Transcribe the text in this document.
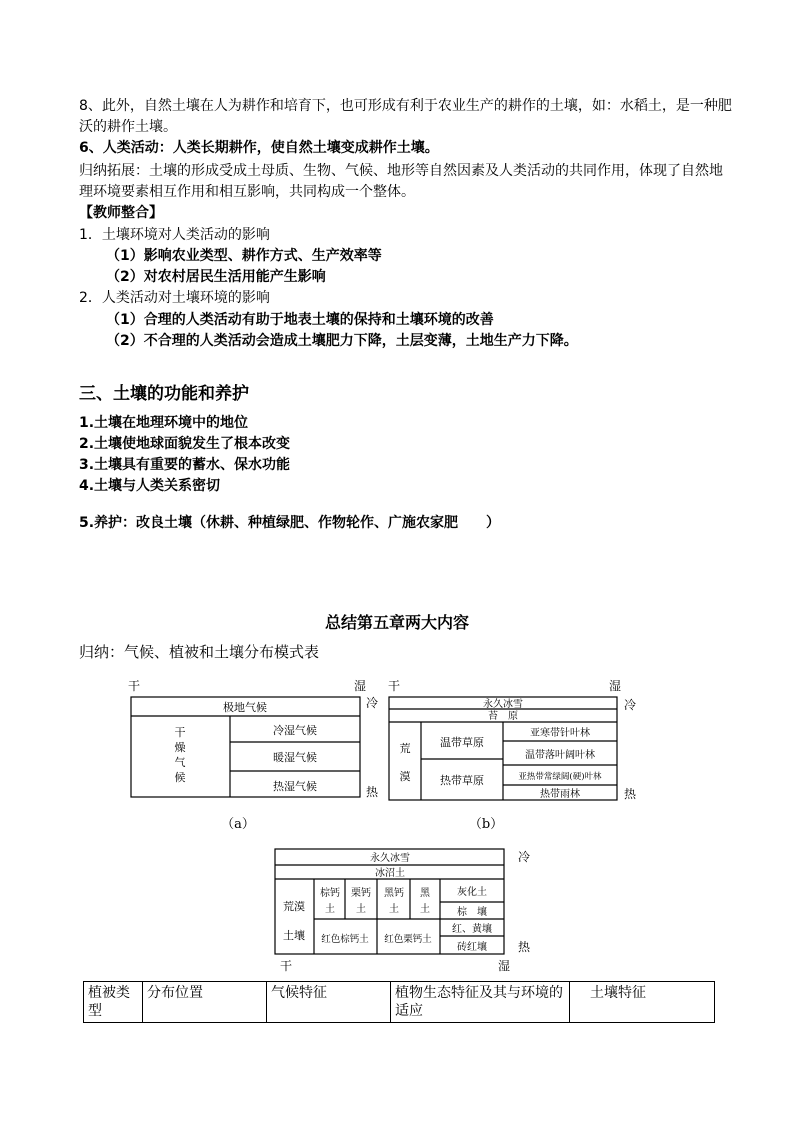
8、此外，自然土壤在人为耕作和培育下，也可形成有利于农业生产的耕作的土壤，如：水稻土，是一种肥
沃的耕作土壤。
6、人类活动：人类长期耕作，使自然土壤变成耕作土壤。
归纳拓展：土壤的形成受成土母质、生物、气候、地形等自然因素及人类活动的共同作用，体现了自然地
理环境要素相互作用和相互影响，共同构成一个整体。
【教师整合】
1．土壤环境对人类活动的影响
（1）影响农业类型、耕作方式、生产效率等
（2）对农村居民生活用能产生影响
2．人类活动对土壤环境的影响
（1）合理的人类活动有助于地表土壤的保持和土壤环境的改善
（2）不合理的人类活动会造成土壤肥力下降，土层变薄，土地生产力下降。
三、土壤的功能和养护
1.土壤在地理环境中的地位
2.土壤使地球面貌发生了根本改变
3.土壤具有重要的蓄水、保水功能
4.土壤与人类关系密切
5.养护：改良土壤（休耕、种植绿肥、作物轮作、广施农家肥　　）
总结第五章两大内容
归纳：气候、植被和土壤分布模式表
干	湿
冷
热
极地气候
干
燥
气
候
冷湿气候
暖湿气候
热湿气候
（a）
干	湿
冷
热
永久冰雪
苔　原
荒
漠
温带草原
热带草原
亚寒带针叶林
温带落叶阔叶林
亚热带常绿阔(硬)叶林
热带雨林
（b）
冷
热
干	湿
永久冰雪
冰沼土
荒漠
土壤
棕钙
土
栗钙
土
黑钙
土
黑
土
红色棕钙土 红色栗钙土
灰化土
棕　壤
红、黄壤
砖红壤
植被类型	分布位置	气候特征	植物生态特征及其与环境的适应	土壤特征
